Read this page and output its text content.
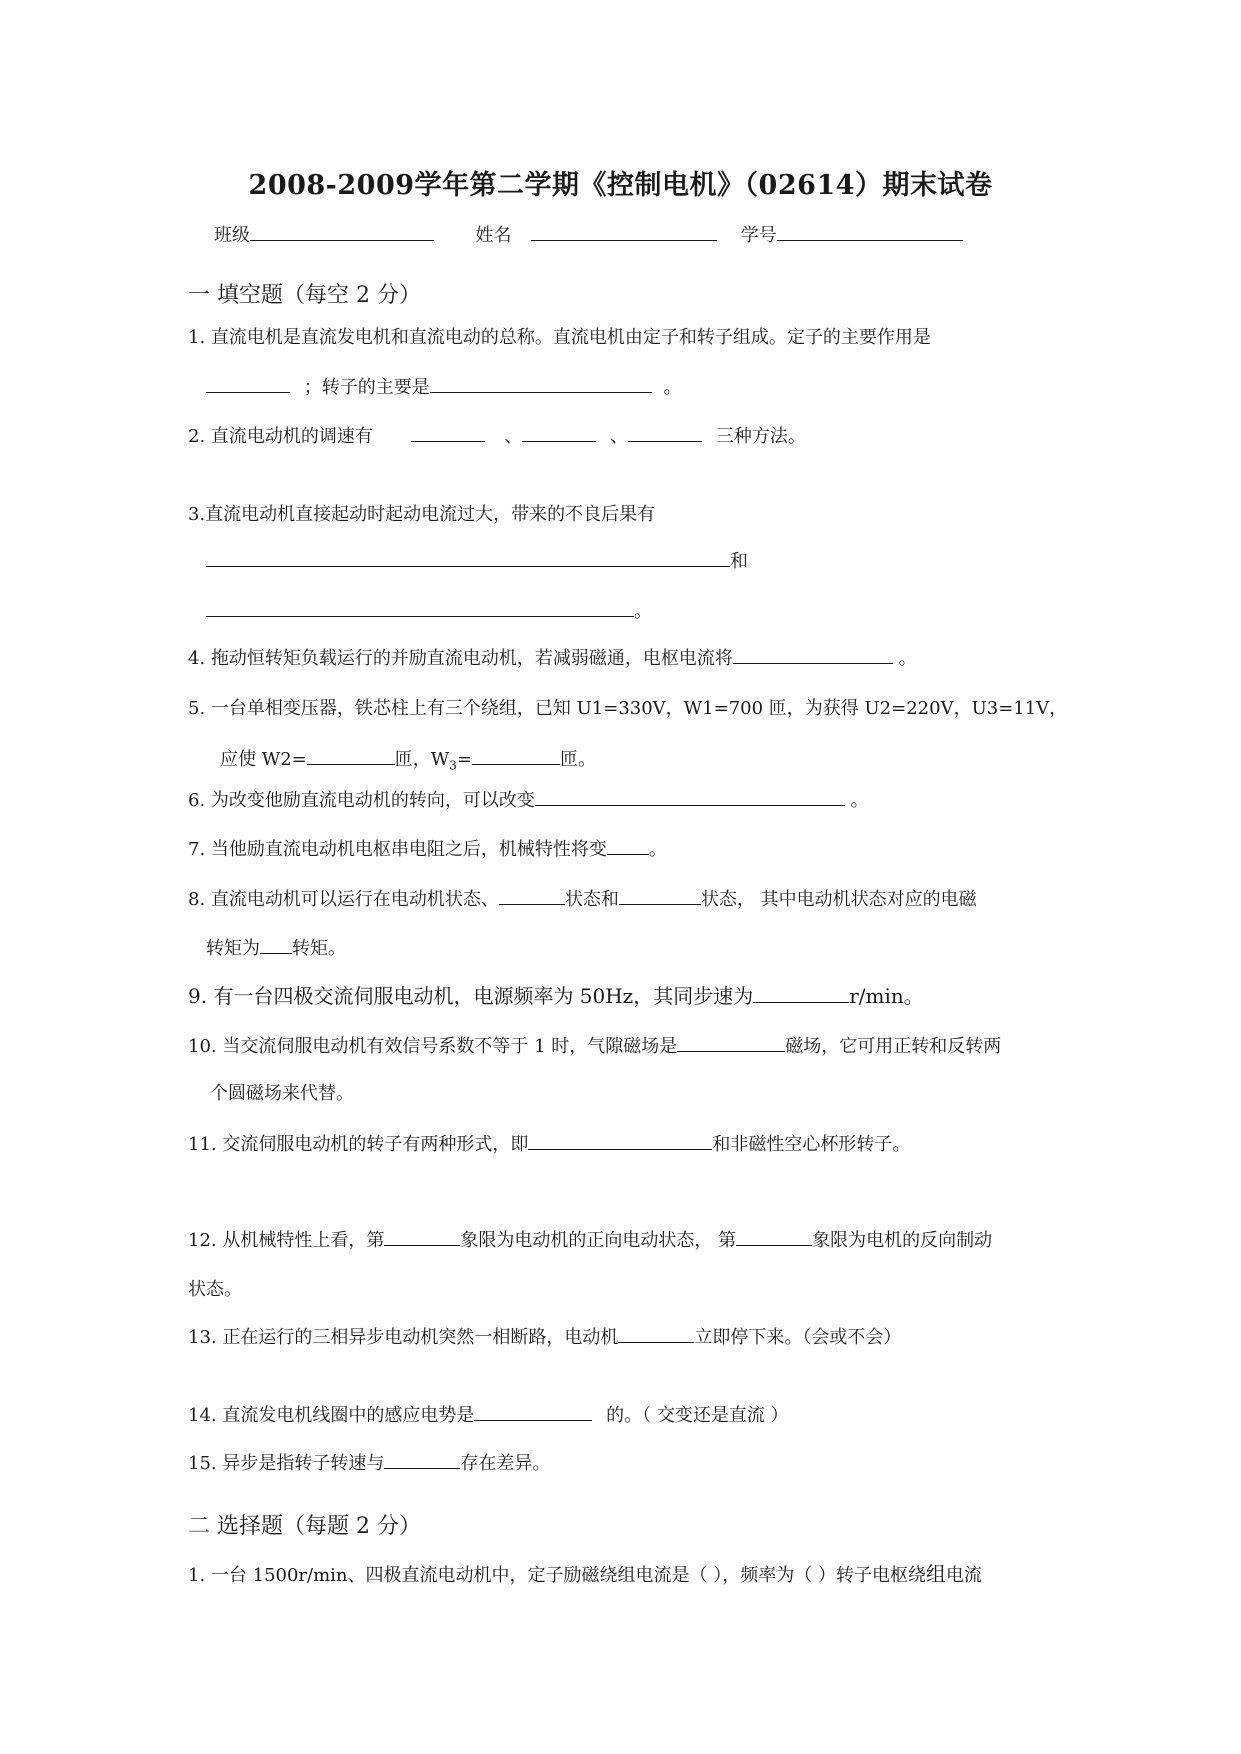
2008-2009学年第二学期《控制电机》（02614）期末试卷
班级	姓名	学号
一 填空题（每空 2 分）
1. 直流电机是直流发电机和直流电动的总称。直流电机由定子和转子组成。定子的主要作用是
；转子的主要是	。
2. 直流电动机的调速有	、	、	三种方法。
3.直流电动机直接起动时起动电流过大，带来的不良后果有
和
。
4. 拖动恒转矩负载运行的并励直流电动机，若减弱磁通，电枢电流将	。
5. 一台单相变压器，铁芯柱上有三个绕组，已知 U1=330V，W1=700 匝，为获得 U2=220V，U3=11V，
应使 W2=	匝，$W_3=$	匝。
6. 为改变他励直流电动机的转向，可以改变	。
7. 当他励直流电动机电枢串电阻之后，机械特性将变 。
8. 直流电动机可以运行在电动机状态、	状态和	状态， 其中电动机状态对应的电磁
转矩为 转矩。
9. 有一台四极交流伺服电动机，电源频率为 50Hz，其同步速为	r/min。
10. 当交流伺服电动机有效信号系数不等于 1 时，气隙磁场是	磁场，它可用正转和反转两
个圆磁场来代替。
11. 交流伺服电动机的转子有两种形式，即	和非磁性空心杯形转子。
12. 从机械特性上看，第	象限为电动机的正向电动状态， 第	象限为电机的反向制动
状态。
13. 正在运行的三相异步电动机突然一相断路，电动机	立即停下来。（会或不会）
14. 直流发电机线圈中的感应电势是	的。（ 交变还是直流 ）
15. 异步是指转子转速与	存在差异。
二 选择题（每题 2 分）
1. 一台 1500r/min、四极直流电动机中，定子励磁绕组电流是（ ），频率为（ ）转子电枢绕组电流
